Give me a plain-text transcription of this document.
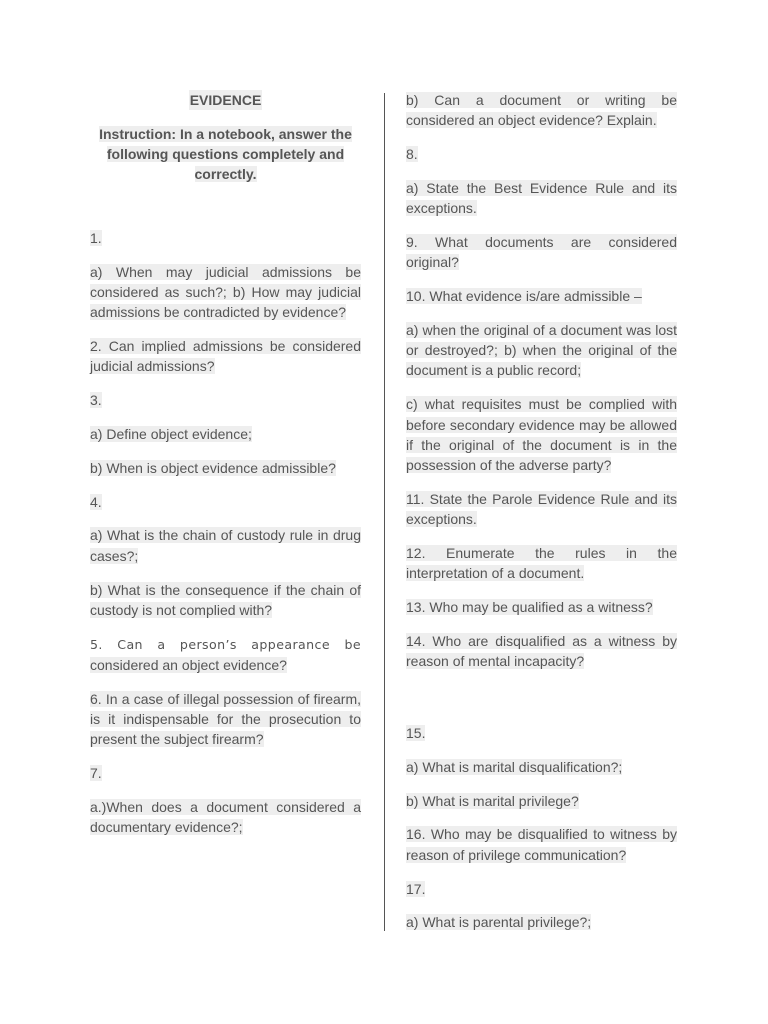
EVIDENCE
Instruction: In a notebook, answer the following questions completely and correctly.

1.

a) When may judicial admissions be considered as such?; b) How may judicial admissions be contradicted by evidence?

2. Can implied admissions be considered judicial admissions?

3.

a) Define object evidence;

b) When is object evidence admissible?

4.

a) What is the chain of custody rule in drug cases?;

b) What is the consequence if the chain of custody is not complied with?

5. Can a person’s appearance be

considered an object evidence?

6. In a case of illegal possession of firearm, is it indispensable for the prosecution to present the subject firearm?

7.

a.)When does a document considered a documentary evidence?;

b) Can a document or writing be considered an object evidence? Explain.

8.

a) State the Best Evidence Rule and its exceptions.

9. What documents are considered original?

10. What evidence is/are admissible –

a) when the original of a document was lost or destroyed?; b) when the original of the document is a public record;

c) what requisites must be complied with before secondary evidence may be allowed if the original of the document is in the possession of the adverse party?

11. State the Parole Evidence Rule and its exceptions.

12. Enumerate the rules in the interpretation of a document.

13. Who may be qualified as a witness?

14. Who are disqualified as a witness by reason of mental incapacity?

15.

a) What is marital disqualification?;

b) What is marital privilege?

16. Who may be disqualified to witness by reason of privilege communication?

17.

a) What is parental privilege?;
